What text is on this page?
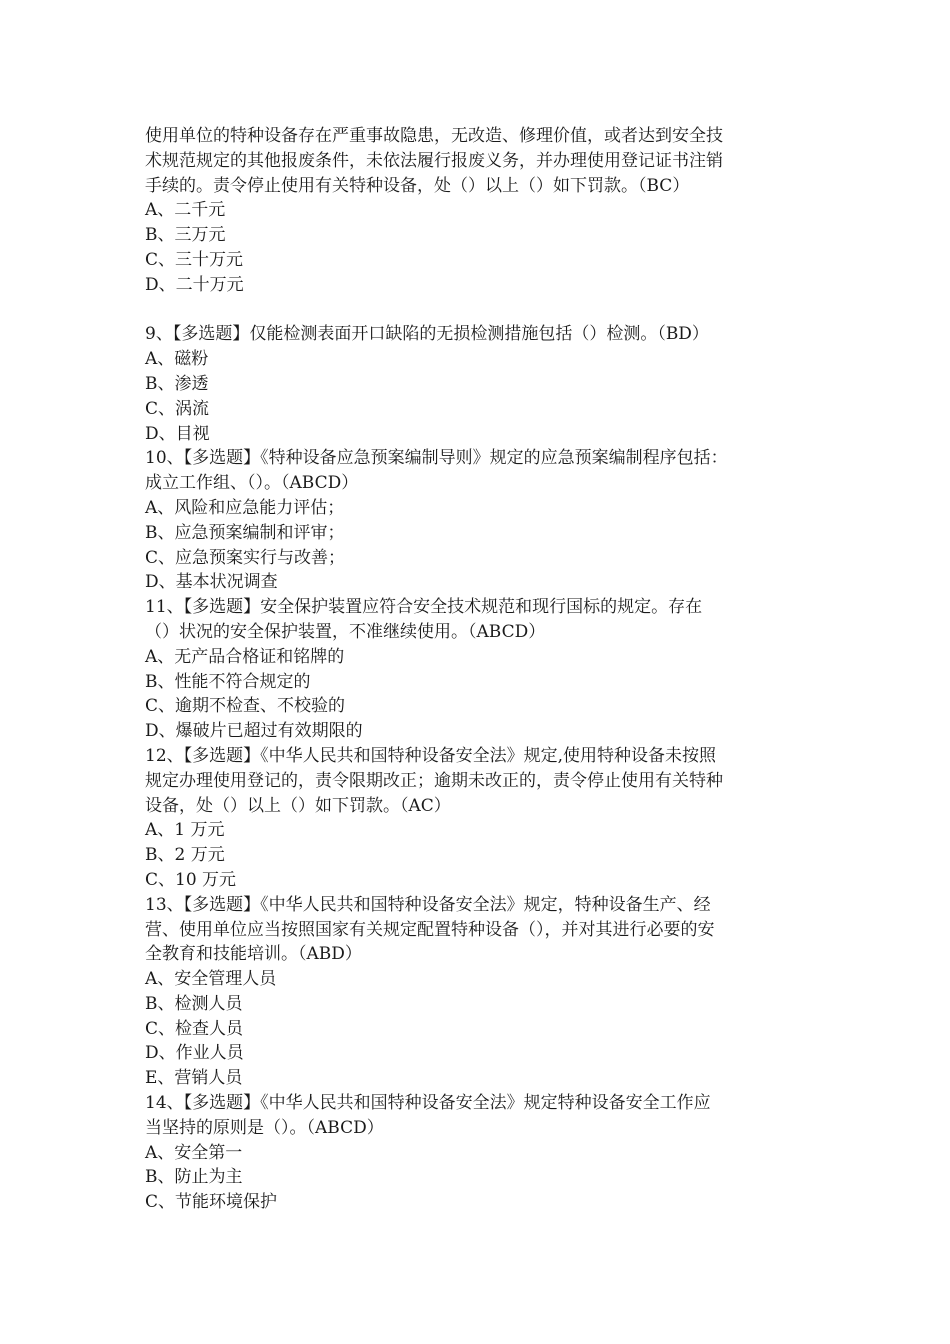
使用单位的特种设备存在严重事故隐患，无改造、修理价值，或者达到安全技
术规范规定的其他报废条件，未依法履行报废义务，并办理使用登记证书注销
手续的。责令停止使用有关特种设备，处（）以上（）如下罚款。（BC）
A、二千元
B、三万元
C、三十万元
D、二十万元
9、【多选题】仅能检测表面开口缺陷的无损检测措施包括（）检测。（BD）
A、磁粉
B、渗透
C、涡流
D、目视
10、【多选题】《特种设备应急预案编制导则》规定的应急预案编制程序包括：
成立工作组、（）。（ABCD）
A、风险和应急能力评估；
B、应急预案编制和评审；
C、应急预案实行与改善；
D、基本状况调查
11、【多选题】安全保护装置应符合安全技术规范和现行国标的规定。存在
（）状况的安全保护装置，不准继续使用。（ABCD）
A、无产品合格证和铭牌的
B、性能不符合规定的
C、逾期不检查、不校验的
D、爆破片已超过有效期限的
12、【多选题】《中华人民共和国特种设备安全法》规定,使用特种设备未按照
规定办理使用登记的，责令限期改正；逾期未改正的，责令停止使用有关特种
设备，处（）以上（）如下罚款。（AC）
A、1 万元
B、2 万元
C、10 万元
13、【多选题】《中华人民共和国特种设备安全法》规定，特种设备生产、经
营、使用单位应当按照国家有关规定配置特种设备（），并对其进行必要的安
全教育和技能培训。（ABD）
A、安全管理人员
B、检测人员
C、检查人员
D、作业人员
E、营销人员
14、【多选题】《中华人民共和国特种设备安全法》规定特种设备安全工作应
当坚持的原则是（）。（ABCD）
A、安全第一
B、防止为主
C、节能环境保护
